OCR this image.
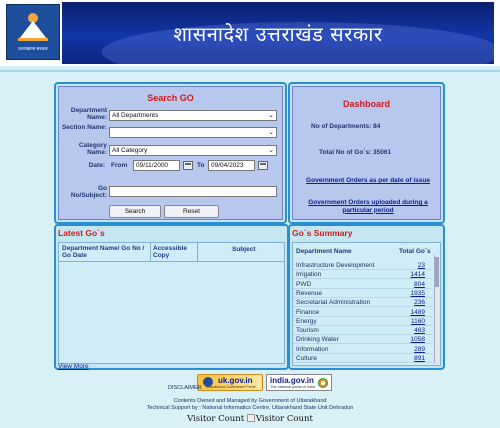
उत्तराखण्ड सरकार
शासनादेश उत्तराखंड सरकार
Search GO
Department Name: All Departments	⌄
Section Name:
⌄
Category Name: All Category	⌄
Date: From	09/11/2000	To	09/04/2023
Go No/Subject:
Search	Reset
Dashboard
No of Departments: 84
Total No of Go`s: 35061
Government Orders as per date of issue
Government Orders uploaded during a particular period
Latest Go`s
Department Name/ Go No / Go Date
Accessible Copy
Subject
View More
Go`s Summary
Department Name	Total Go`s
Infrastructure Development	23
Irrigation	1414
PWD	804
Revenue	1935
Secretariat Administration	236
Finance	1489
Energy	1160
Tourism	463
Drinking Water	1058
Information	289
Culture	891
uk.gov.in
Uttarakhand Government Portal
DISCLAIMER
india.gov.in
The national portal of India
Contents Owned and Managed by Government of Uttarakhand
Technical Support by : National Informatics Centre, Uttarakhand State Unit Dehradun
Visitor Count Visitor Count
